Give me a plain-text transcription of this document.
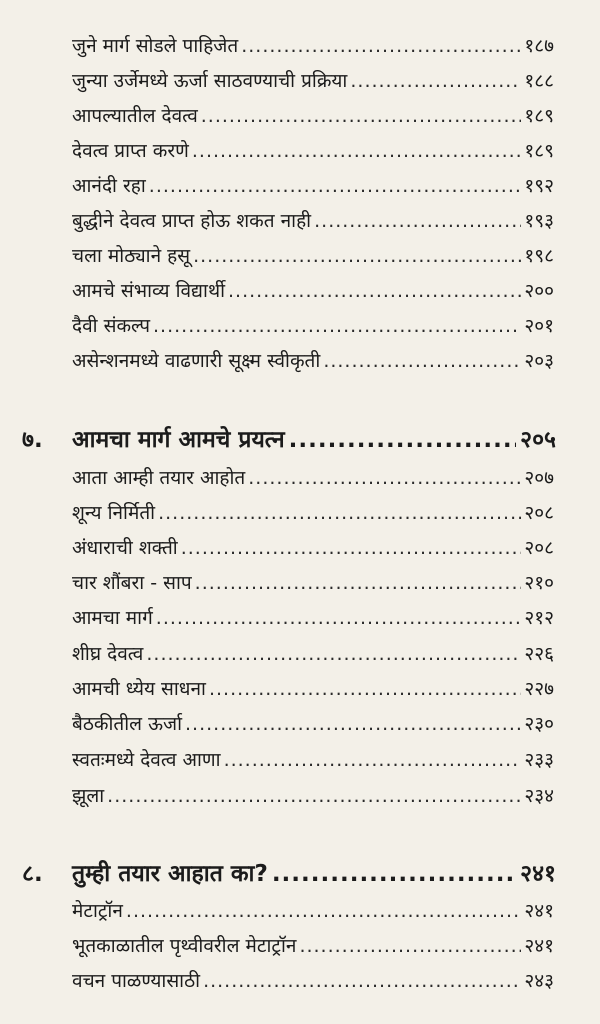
जुने मार्ग सोडले पाहिजेत .....	१८७
जुन्या उर्जेमध्ये ऊर्जा साठवण्याची प्रक्रिया .....	१८८
आपल्यातील देवत्व .....	१८९
देवत्व प्राप्त करणे .....	१८९
आनंदी रहा .....	१९२
बुद्धीने देवत्व प्राप्त होऊ शकत नाही .....	१९३
चला मोठ्याने हसू .....	१९८
आमचे संभाव्य विद्यार्थी .....	२००
दैवी संकल्प .....	२०१
असेन्शनमध्ये वाढणारी सूक्ष्म स्वीकृती .....	२०३
७.	आमचा मार्ग आमचे प्रयत्न .....	२०५
आता आम्ही तयार आहोत .....	२०७
शून्य निर्मिती .....	२०८
अंधाराची शक्ती .....	२०८
चार शौंबरा - साप .....	२१०
आमचा मार्ग .....	२१२
शीघ्र देवत्व .....	२२६
आमची ध्येय साधना .....	२२७
बैठकीतील ऊर्जा .....	२३०
स्वतःमध्ये देवत्व आणा .....	२३३
झूला .....	२३४
८.	तुम्ही तयार आहात का? .....	२४१
मेटाट्रॉन .....	२४१
भूतकाळातील पृथ्वीवरील मेटाट्रॉन .....	२४१
वचन पाळण्यासाठी .....	२४३
